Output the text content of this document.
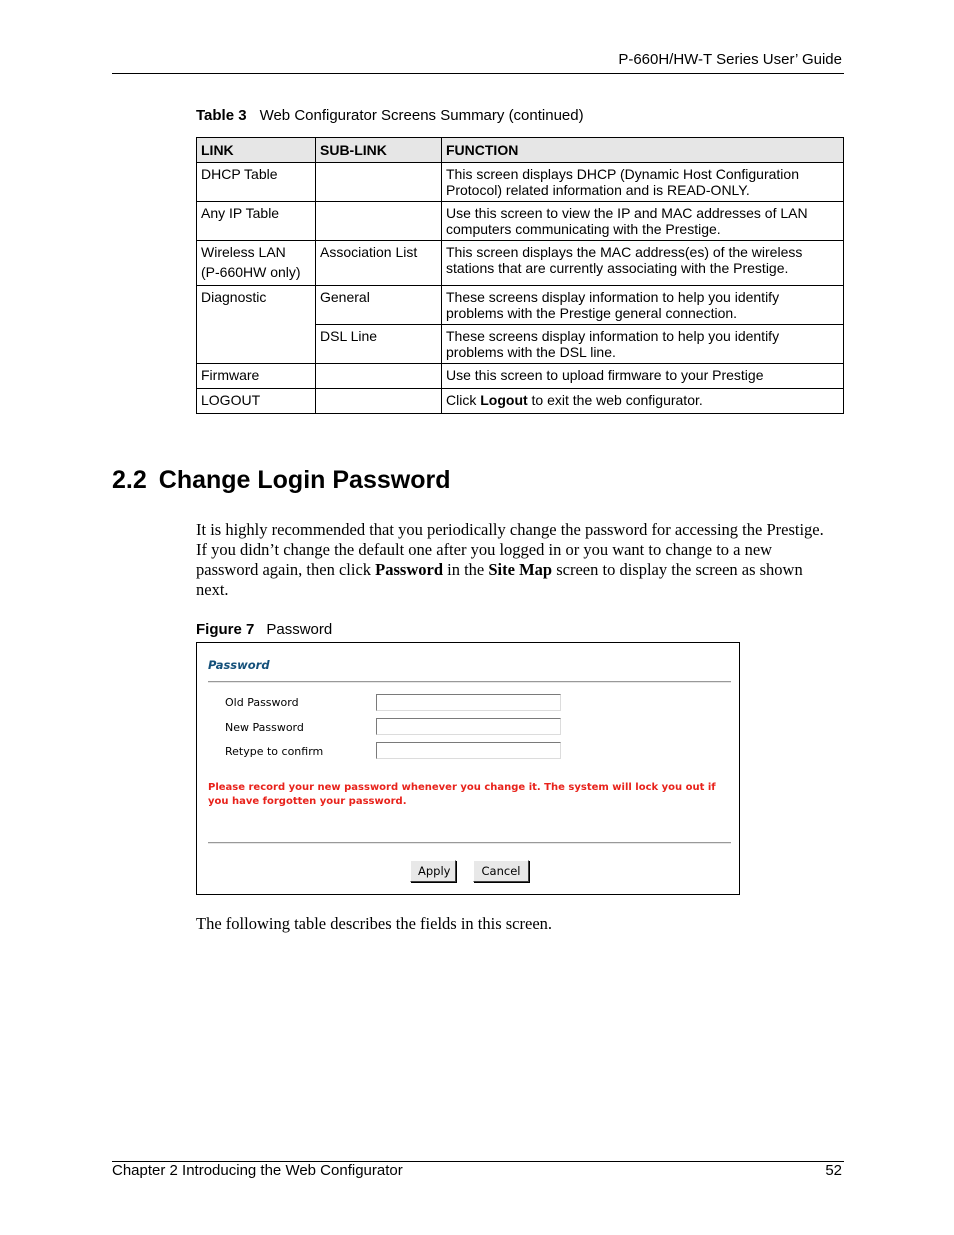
P-660H/HW-T Series User’ Guide
Table 3 Web Configurator Screens Summary (continued)
LINK	SUB-LINK	FUNCTION
DHCP Table		This screen displays DHCP (Dynamic Host Configuration Protocol) related information and is READ-ONLY.
Any IP Table		Use this screen to view the IP and MAC addresses of LAN computers communicating with the Prestige.
Wireless LAN
(P-660HW only)	Association List	This screen displays the MAC address(es) of the wireless stations that are currently associating with the Prestige.
Diagnostic	General	These screens display information to help you identify problems with the Prestige general connection.
	DSL Line	These screens display information to help you identify problems with the DSL line.
Firmware		Use this screen to upload firmware to your Prestige
LOGOUT		Click Logout to exit the web configurator.
2.2 Change Login Password

It is highly recommended that you periodically change the password for accessing the Prestige. If you didn’t change the default one after you logged in or you want to change to a new password again, then click Password in the Site Map screen to display the screen as shown next.

Figure 7 Password
Password
Old Password
New Password
Retype to confirm
Please record your new password whenever you change it. The system will lock you out if you have forgotten your password.
Apply	Cancel

The following table describes the fields in this screen.

Chapter 2 Introducing the Web Configurator	52
